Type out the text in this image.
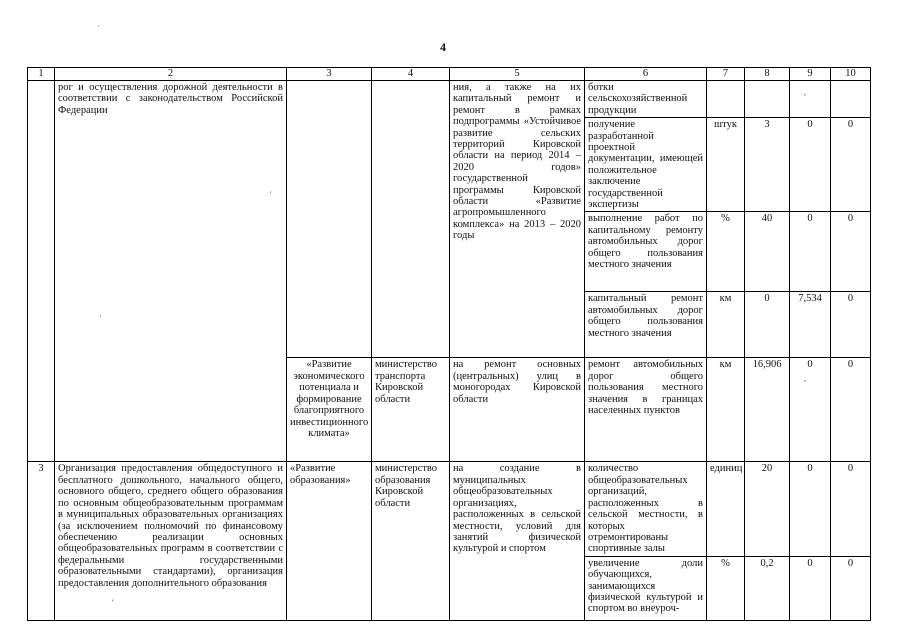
4
·
'
'
'
,
,
1	2	3	4	5	6	7	8	9	10
	рог и осуществления дорожной деятельности в соответствии с законодательством Российской Федерации			ния, а также на их капитальный ремонт и ремонт в рамках подпрограммы «Устойчивое развитие сельских территорий Кировской области на период 2014 – 2020 годов» государственной программы Кировской области «Развитие агропромышленного комплекса» на 2013 – 2020 годы	ботки сельскохозяйственной продукции				
					получение разработанной проектной документации, имеющей положительное заключение государственной экспертизы	штук	3	0	0
					выполнение работ по капитальному ремонту автомобильных дорог общего пользования местного значения	%	40	0	0
					капитальный ремонт автомобильных дорог общего пользования местного значения	км	0	7,534	0
		«Развитие экономического потенциала и формирование благоприятного инвестиционного климата»	министерство транспорта Кировской области	на ремонт основных (центральных) улиц в моногородах Кировской области	ремонт автомобильных дорог общего пользования местного значения в границах населенных пунктов	км	16,906	0	0
3	Организация предоставления общедоступного и бесплатного дошкольного, начального общего, основного общего, среднего общего образования по основным общеобразовательным программам в муниципальных образовательных организациях (за исключением полномочий по финансовому обеспечению реализации основных общеобразовательных программ в соответствии с федеральными государственными образовательными стандартами), организация предоставления дополнительного образования	«Развитие образования»	министерство образования Кировской области	на создание в муниципальных общеобразовательных организациях, расположенных в сельской местности, условий для занятий физической культурой и спортом	количество общеобразовательных организаций, расположенных в сельской местности, в которых отремонтированы спортивные залы	единиц	20	0	0
					увеличение доли обучающихся, занимающихся физической культурой и спортом во внеуроч-	%	0,2	0	0
